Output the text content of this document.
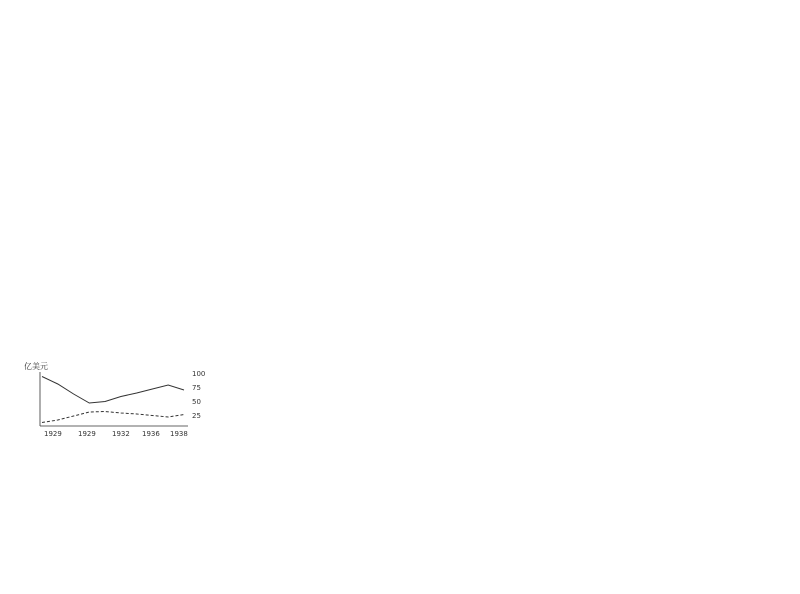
亿美元
1929 1929 1932 1936 1938
100
75
50
25
